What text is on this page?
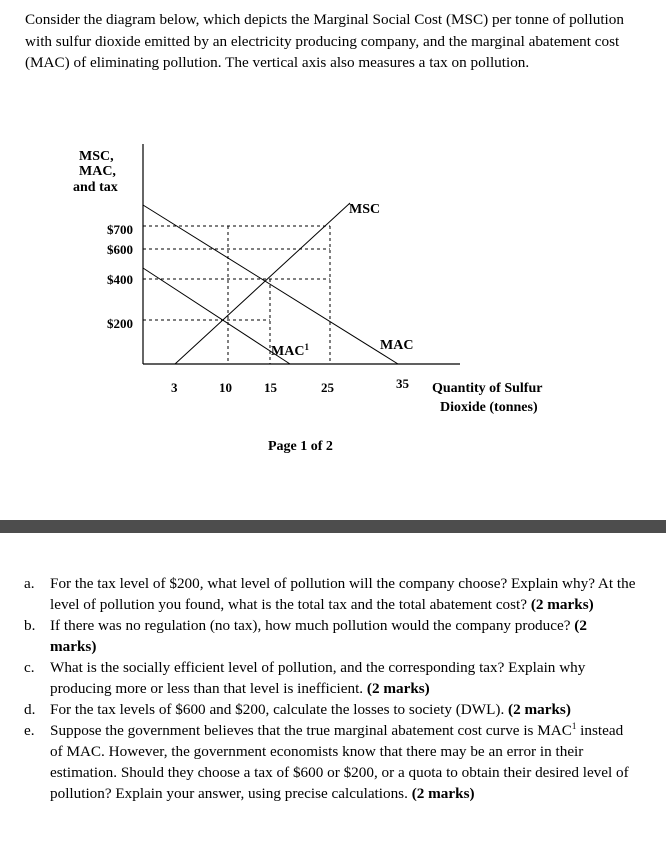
Consider the diagram below, which depicts the Marginal Social Cost (MSC) per tonne of pollution with sulfur dioxide emitted by an electricity producing company, and the marginal abatement cost (MAC) of eliminating pollution. The vertical axis also measures a tax on pollution.

MSC,
MAC,
and tax
$700
$600
$400
$200
3	10 15	25	35 Quantity of Sulfur
Dioxide (tonnes)
MSC
MAC
MAC$^1$
Page 1 of 2
a.	For the tax level of $200, what level of pollution will the company choose? Explain why? At the level of pollution you found, what is the total tax and the total abatement cost? (2 marks)
b. If there was no regulation (no tax), how much pollution would the company produce? (2 marks)
c.	What is the socially efficient level of pollution, and the corresponding tax? Explain why producing more or less than that level is inefficient. (2 marks)
d. For the tax levels of $600 and $200, calculate the losses to society (DWL). (2 marks)
e.	Suppose the government believes that the true marginal abatement cost curve is MAC$^1$ instead of MAC. However, the government economists know that there may be an error in their estimation. Should they choose a tax of $600 or $200, or a quota to obtain their desired level of pollution? Explain your answer, using precise calculations. (2 marks)
